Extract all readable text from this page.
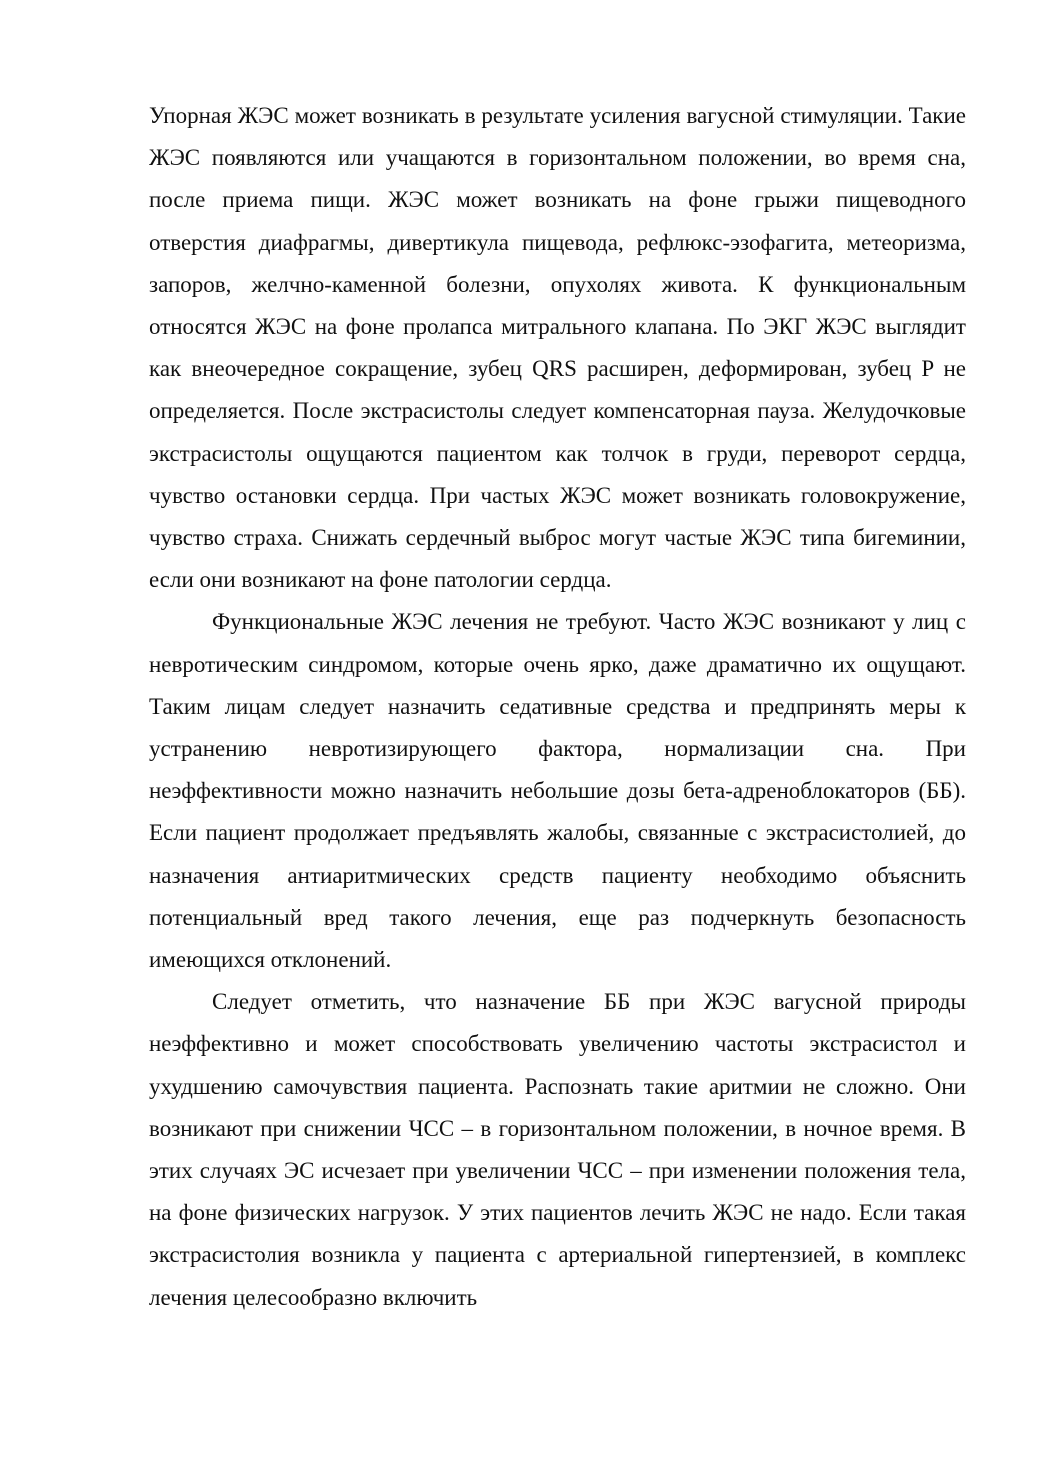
Упорная ЖЭС может возникать в результате усиления вагусной стимуляции. Такие ЖЭС появляются или учащаются в горизонтальном положении, во время сна, после приема пищи. ЖЭС может возникать на фоне грыжи пищеводного отверстия диафрагмы, дивертикула пищевода, рефлюкс-эзофагита, метеоризма, запоров, желчно-каменной болезни, опухолях живота. К функциональным относятся ЖЭС на фоне пролапса митрального клапана. По ЭКГ ЖЭС выглядит как внеочередное сокращение, зубец QRS расширен, деформирован, зубец P не определяется. После экстрасистолы следует компенсаторная пауза. Желудочковые экстрасистолы ощущаются пациентом как толчок в груди, переворот сердца, чувство остановки сердца. При частых ЖЭС может возникать головокружение, чувство страха. Снижать сердечный выброс могут частые ЖЭС типа бигеминии, если они возникают на фоне патологии сердца.

Функциональные ЖЭС лечения не требуют. Часто ЖЭС возникают у лиц с невротическим синдромом, которые очень ярко, даже драматично их ощущают. Таким лицам следует назначить седативные средства и предпринять меры к устранению невротизирующего фактора, нормализации сна. При неэффективности можно назначить небольшие дозы бета-адреноблокаторов (ББ). Если пациент продолжает предъявлять жалобы, связанные с экстрасистолией, до назначения антиаритмических средств пациенту необходимо объяснить потенциальный вред такого лечения, еще раз подчеркнуть безопасность имеющихся отклонений.

Следует отметить, что назначение ББ при ЖЭС вагусной природы неэффективно и может способствовать увеличению частоты экстрасистол и ухудшению самочувствия пациента. Распознать такие аритмии не сложно. Они возникают при снижении ЧСС – в горизонтальном положении, в ночное время. В этих случаях ЭС исчезает при увеличении ЧСС – при изменении положения тела, на фоне физических нагрузок. У этих пациентов лечить ЖЭС не надо. Если такая экстрасистолия возникла у пациента с артериальной гипертензией, в комплекс лечения целесообразно включить
